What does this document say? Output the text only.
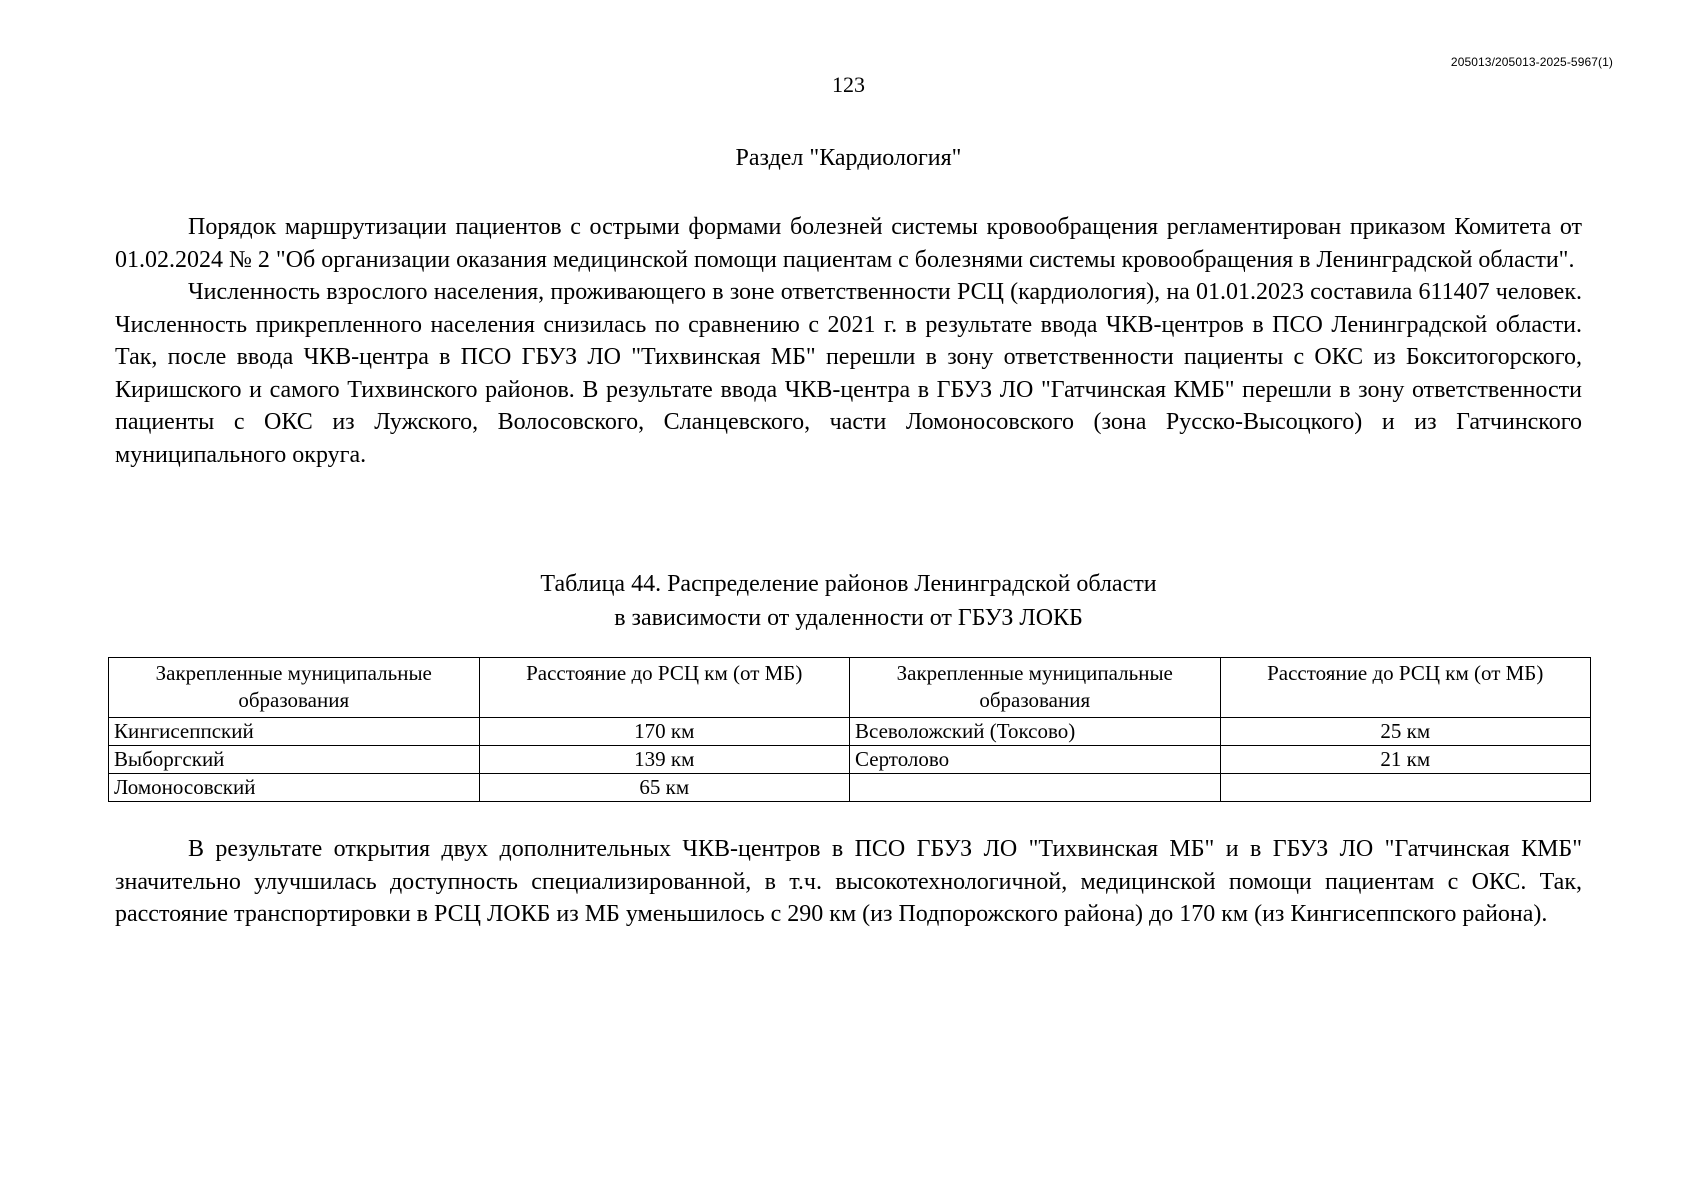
205013/205013-2025-5967(1)
123
Раздел "Кардиология"

Порядок маршрутизации пациентов с острыми формами болезней системы кровообращения регламентирован приказом Комитета от 01.02.2024 № 2 "Об организации оказания медицинской помощи пациентам с болезнями системы кровообращения в Ленинградской области".

Численность взрослого населения, проживающего в зоне ответственности РСЦ (кардиология), на 01.01.2023 составила 611407 человек. Численность прикрепленного населения снизилась по сравнению с 2021 г. в результате ввода ЧКВ-центров в ПСО Ленинградской области. Так, после ввода ЧКВ-центра в ПСО ГБУЗ ЛО "Тихвинская МБ" перешли в зону ответственности пациенты с ОКС из Бокситогорского, Киришского и самого Тихвинского районов. В результате ввода ЧКВ-центра в ГБУЗ ЛО "Гатчинская КМБ" перешли в зону ответственности пациенты с ОКС из Лужского, Волосовского, Сланцевского, части Ломоносовского (зона Русско-Высоцкого) и из Гатчинского муниципального округа.

Таблица 44. Распределение районов Ленинградской области
в зависимости от удаленности от ГБУЗ ЛОКБ
Закрепленные муниципальные образования	Расстояние до РСЦ км (от МБ)	Закрепленные муниципальные образования	Расстояние до РСЦ км (от МБ)
Кингисеппский	170 км	Всеволожский (Токсово)	25 км
Выборгский	139 км	Сертолово	21 км
Ломоносовский	65 км		

В результате открытия двух дополнительных ЧКВ-центров в ПСО ГБУЗ ЛО "Тихвинская МБ" и в ГБУЗ ЛО "Гатчинская КМБ" значительно улучшилась доступность специализированной, в т.ч. высокотехнологичной, медицинской помощи пациентам с ОКС. Так, расстояние транспортировки в РСЦ ЛОКБ из МБ уменьшилось с 290 км (из Подпорожского района) до 170 км (из Кингисеппского района).
